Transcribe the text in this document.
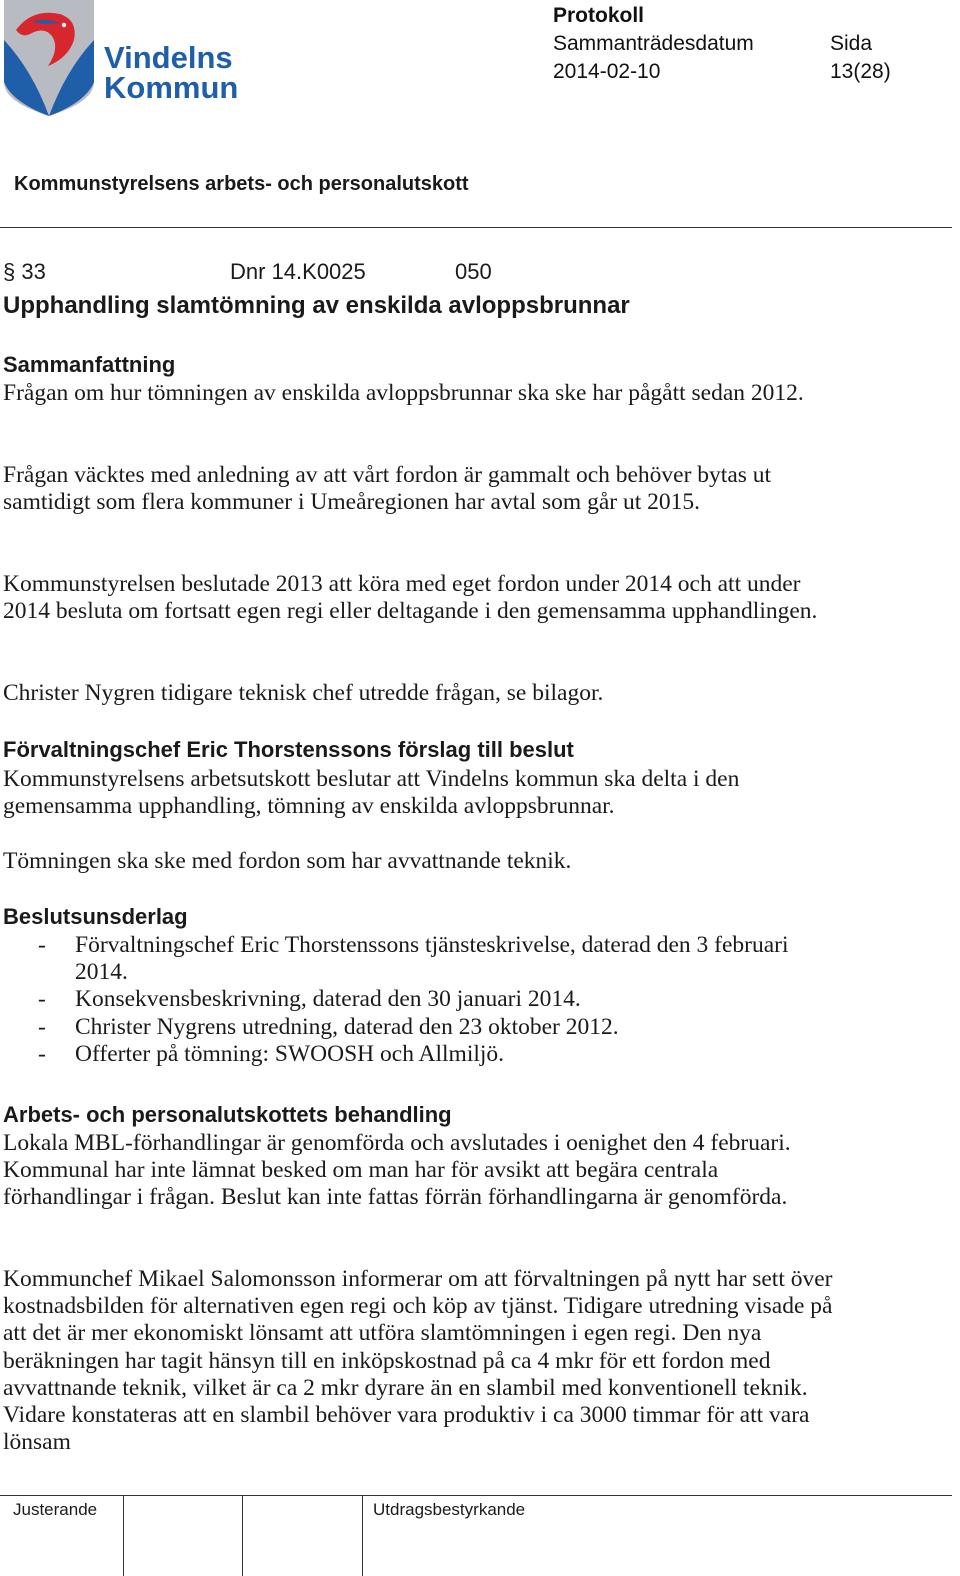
Vindelns
Kommun
Protokoll
Sammanträdesdatum
2014-02-10
Sida
13(28)
Kommunstyrelsens arbets- och personalutskott
§ 33	Dnr 14.K0025	050
Upphandling slamtömning av enskilda avloppsbrunnar
Sammanfattning
Frågan om hur tömningen av enskilda avloppsbrunnar ska ske har pågått sedan 2012.
Frågan väcktes med anledning av att vårt fordon är gammalt och behöver bytas ut samtidigt som flera kommuner i Umeåregionen har avtal som går ut 2015.
Kommunstyrelsen beslutade 2013 att köra med eget fordon under 2014 och att under 2014 besluta om fortsatt egen regi eller deltagande i den gemensamma upphandlingen.
Christer Nygren tidigare teknisk chef utredde frågan, se bilagor.
Förvaltningschef Eric Thorstenssons förslag till beslut
Kommunstyrelsens arbetsutskott beslutar att Vindelns kommun ska delta i den gemensamma upphandling, tömning av enskilda avloppsbrunnar.
Tömningen ska ske med fordon som har avvattnande teknik.
Beslutsunsderlag
- Förvaltningschef Eric Thorstenssons tjänsteskrivelse, daterad den 3 februari 2014.
- Konsekvensbeskrivning, daterad den 30 januari 2014.
- Christer Nygrens utredning, daterad den 23 oktober 2012.
- Offerter på tömning: SWOOSH och Allmiljö.
Arbets- och personalutskottets behandling
Lokala MBL-förhandlingar är genomförda och avslutades i oenighet den 4 februari. Kommunal har inte lämnat besked om man har för avsikt att begära centrala förhandlingar i frågan. Beslut kan inte fattas förrän förhandlingarna är genomförda.
Kommunchef Mikael Salomonsson informerar om att förvaltningen på nytt har sett över kostnadsbilden för alternativen egen regi och köp av tjänst. Tidigare utredning visade på att det är mer ekonomiskt lönsamt att utföra slamtömningen i egen regi. Den nya beräkningen har tagit hänsyn till en inköpskostnad på ca 4 mkr för ett fordon med avvattnande teknik, vilket är ca 2 mkr dyrare än en slambil med konventionell teknik. Vidare konstateras att en slambil behöver vara produktiv i ca 3000 timmar för att vara lönsam
Justerande	Utdragsbestyrkande
